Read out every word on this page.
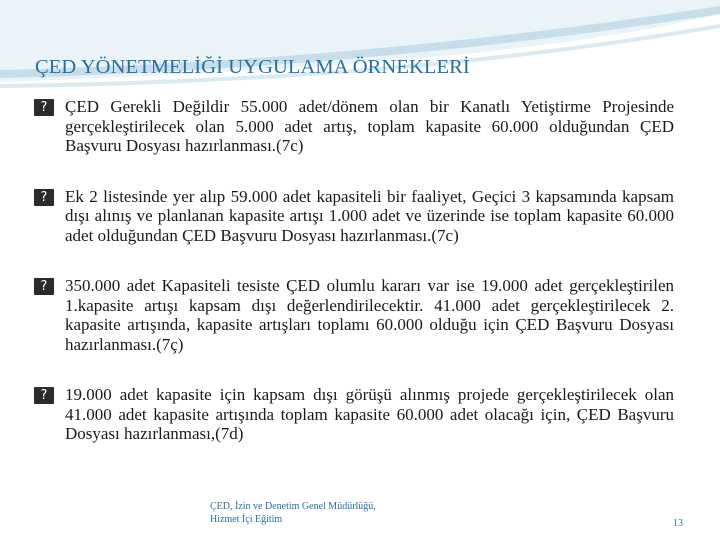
ÇED YÖNETMELİĞİ UYGULAMA ÖRNEKLERİ
?	ÇED Gerekli Değildir 55.000 adet/dönem olan bir Kanatlı Yetiştirme Projesinde gerçekleştirilecek olan 5.000 adet artış, toplam kapasite 60.000 olduğundan ÇED Başvuru Dosyası hazırlanması.(7c)
?	Ek 2 listesinde yer alıp 59.000 adet kapasiteli bir faaliyet, Geçici 3 kapsamında kapsam dışı alınış ve planlanan kapasite artışı 1.000 adet ve üzerinde ise toplam kapasite 60.000 adet olduğundan ÇED Başvuru Dosyası hazırlanması.(7c)
?	350.000 adet Kapasiteli tesiste ÇED olumlu kararı var ise 19.000 adet gerçekleştirilen 1.kapasite artışı kapsam dışı değerlendirilecektir. 41.000 adet gerçekleştirilecek 2. kapasite artışında, kapasite artışları toplamı 60.000 olduğu için ÇED Başvuru Dosyası hazırlanması.(7ç)
?	19.000 adet kapasite için kapsam dışı görüşü alınmış projede gerçekleştirilecek olan 41.000 adet kapasite artışında toplam kapasite 60.000 adet olacağı için, ÇED Başvuru Dosyası hazırlanması,(7d)
ÇED, İzin ve Denetim Genel Müdürlüğü,
Hizmet İçi Eğitim	13
